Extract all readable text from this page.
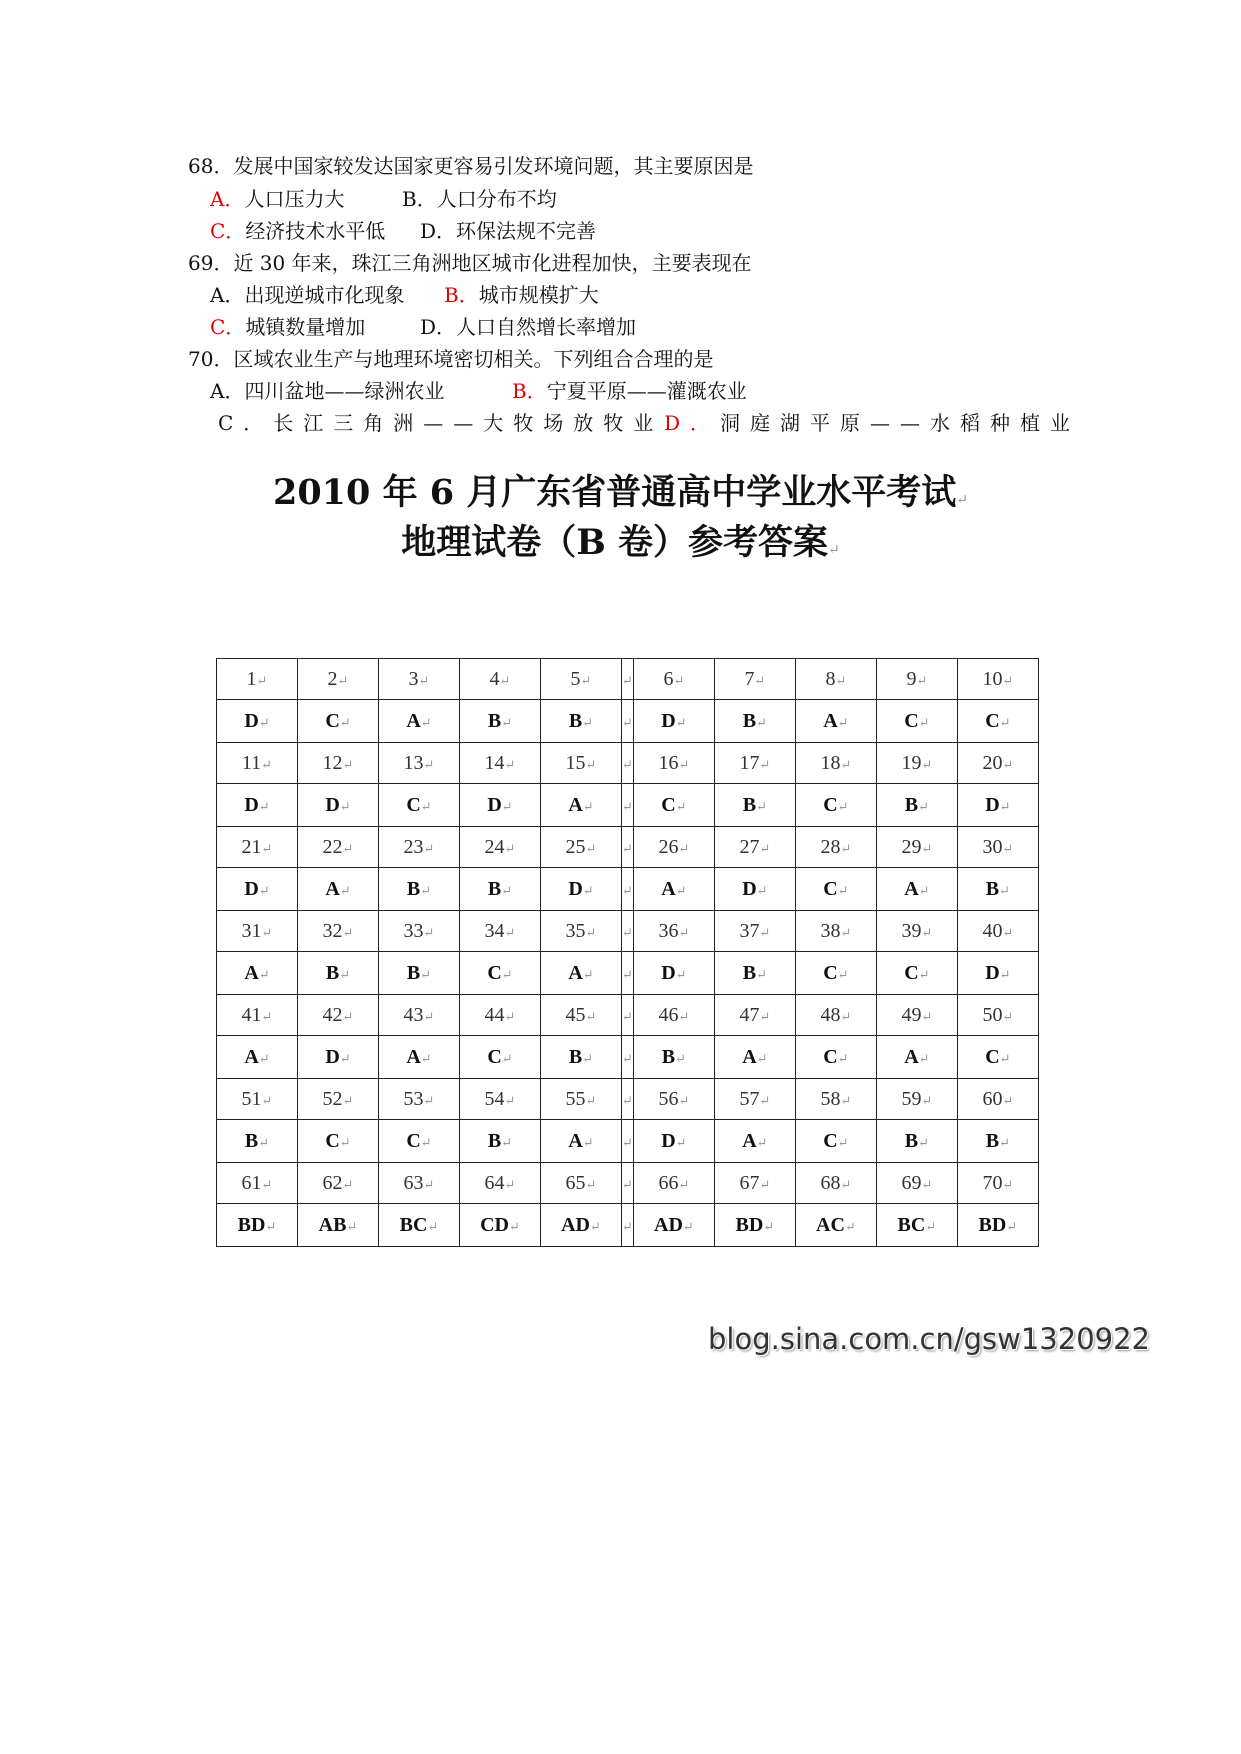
68．发展中国家较发达国家更容易引发环境问题，其主要原因是
A．人口压力大	B．人口分布不均
C．经济技术水平低 D．环保法规不完善
69．近 30 年来，珠江三角洲地区城市化进程加快，主要表现在
A．出现逆城市化现象 B．城市规模扩大
C．城镇数量增加	D．人口自然增长率增加
70．区域农业生产与地理环境密切相关。下列组合合理的是
A．四川盆地——绿洲农业	B．宁夏平原——灌溉农业
C．长江三角洲——大牧场放牧业 D．洞庭湖平原——水稻种植业
2010 年 6 月广东省普通高中学业水平考试↵
地理试卷（B 卷）参考答案↵
1↵	2↵	3↵	4↵	5↵	↵	6↵	7↵	8↵	9↵	10↵
D↵	C↵	A↵	B↵	B↵	↵	D↵	B↵	A↵	C↵	C↵
11↵	12↵	13↵	14↵	15↵	↵	16↵	17↵	18↵	19↵	20↵
D↵	D↵	C↵	D↵	A↵	↵	C↵	B↵	C↵	B↵	D↵
21↵	22↵	23↵	24↵	25↵	↵	26↵	27↵	28↵	29↵	30↵
D↵	A↵	B↵	B↵	D↵	↵	A↵	D↵	C↵	A↵	B↵
31↵	32↵	33↵	34↵	35↵	↵	36↵	37↵	38↵	39↵	40↵
A↵	B↵	B↵	C↵	A↵	↵	D↵	B↵	C↵	C↵	D↵
41↵	42↵	43↵	44↵	45↵	↵	46↵	47↵	48↵	49↵	50↵
A↵	D↵	A↵	C↵	B↵	↵	B↵	A↵	C↵	A↵	C↵
51↵	52↵	53↵	54↵	55↵	↵	56↵	57↵	58↵	59↵	60↵
B↵	C↵	C↵	B↵	A↵	↵	D↵	A↵	C↵	B↵	B↵
61↵	62↵	63↵	64↵	65↵	↵	66↵	67↵	68↵	69↵	70↵
BD↵	AB↵	BC↵	CD↵	AD↵	↵	AD↵	BD↵	AC↵	BC↵	BD↵
blog.sina.com.cn/gsw1320922
